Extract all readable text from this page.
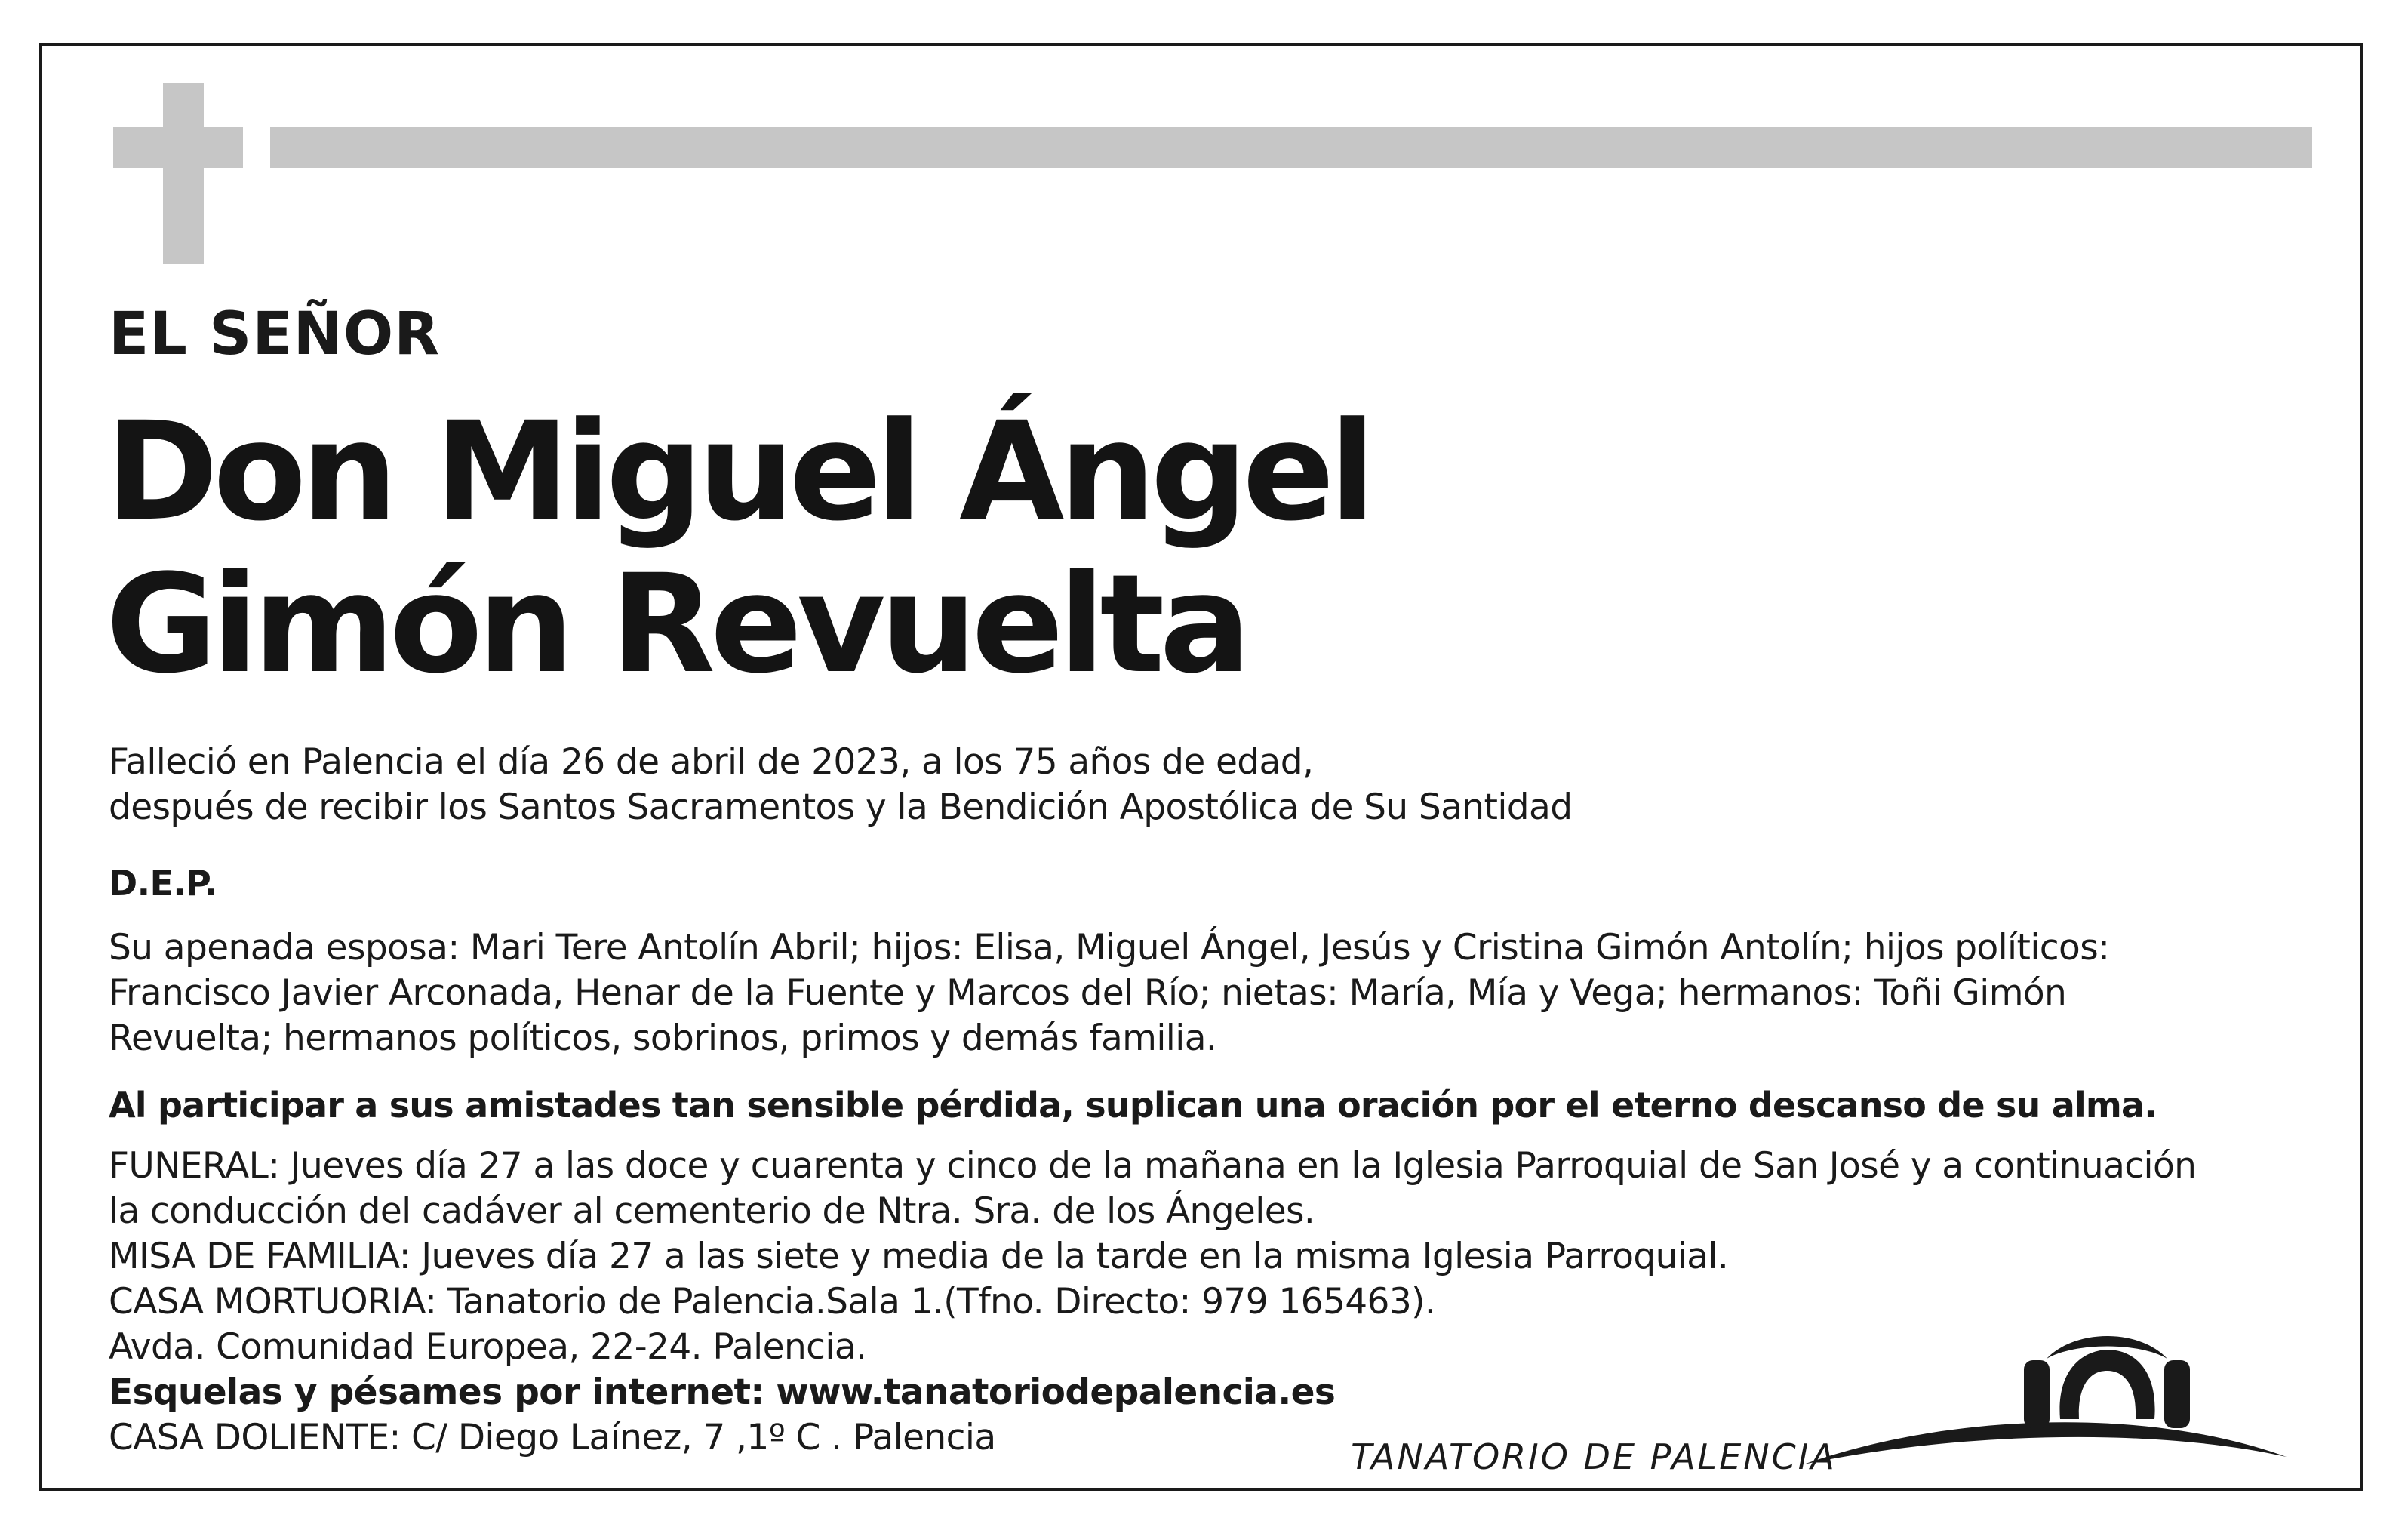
EL SEÑOR
Don Miguel Ángel
Gimón Revuelta
Falleció en Palencia el día 26 de abril de 2023, a los 75 años de edad,
después de recibir los Santos Sacramentos y la Bendición Apostólica de Su Santidad
D.E.P.
Su apenada esposa: Mari Tere Antolín Abril; hijos: Elisa, Miguel Ángel, Jesús y Cristina Gimón Antolín; hijos políticos:
Francisco Javier Arconada, Henar de la Fuente y Marcos del Río; nietas: María, Mía y Vega; hermanos: Toñi Gimón
Revuelta; hermanos políticos, sobrinos, primos y demás familia.
Al participar a sus amistades tan sensible pérdida, suplican una oración por el eterno descanso de su alma.
FUNERAL: Jueves día 27 a las doce y cuarenta y cinco de la mañana en la Iglesia Parroquial de San José y a continuación
la conducción del cadáver al cementerio de Ntra. Sra. de los Ángeles.
MISA DE FAMILIA: Jueves día 27 a las siete y media de la tarde en la misma Iglesia Parroquial.
CASA MORTUORIA: Tanatorio de Palencia.Sala 1.(Tfno. Directo: 979 165463).
Avda. Comunidad Europea, 22-24. Palencia.
Esquelas y pésames por internet: www.tanatoriodepalencia.es
CASA DOLIENTE: C/ Diego Laínez, 7 ,1º C . Palencia	TANATORIO DE PALENCIA
